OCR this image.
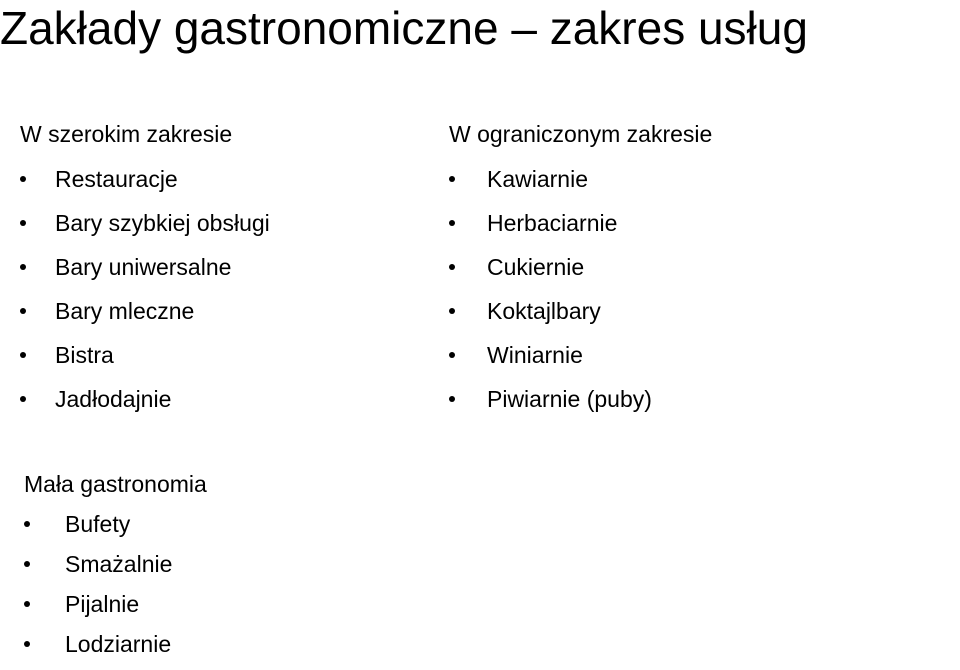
Zakłady gastronomiczne – zakres usług

W szerokim zakresie

Restauracje
Bary szybkiej obsługi
Bary uniwersalne
Bary mleczne
Bistra
Jadłodajnie

W ograniczonym zakresie

Kawiarnie
Herbaciarnie
Cukiernie
Koktajlbary
Winiarnie
Piwiarnie (puby)

Mała gastronomia

Bufety
Smażalnie
Pijalnie
Lodziarnie
